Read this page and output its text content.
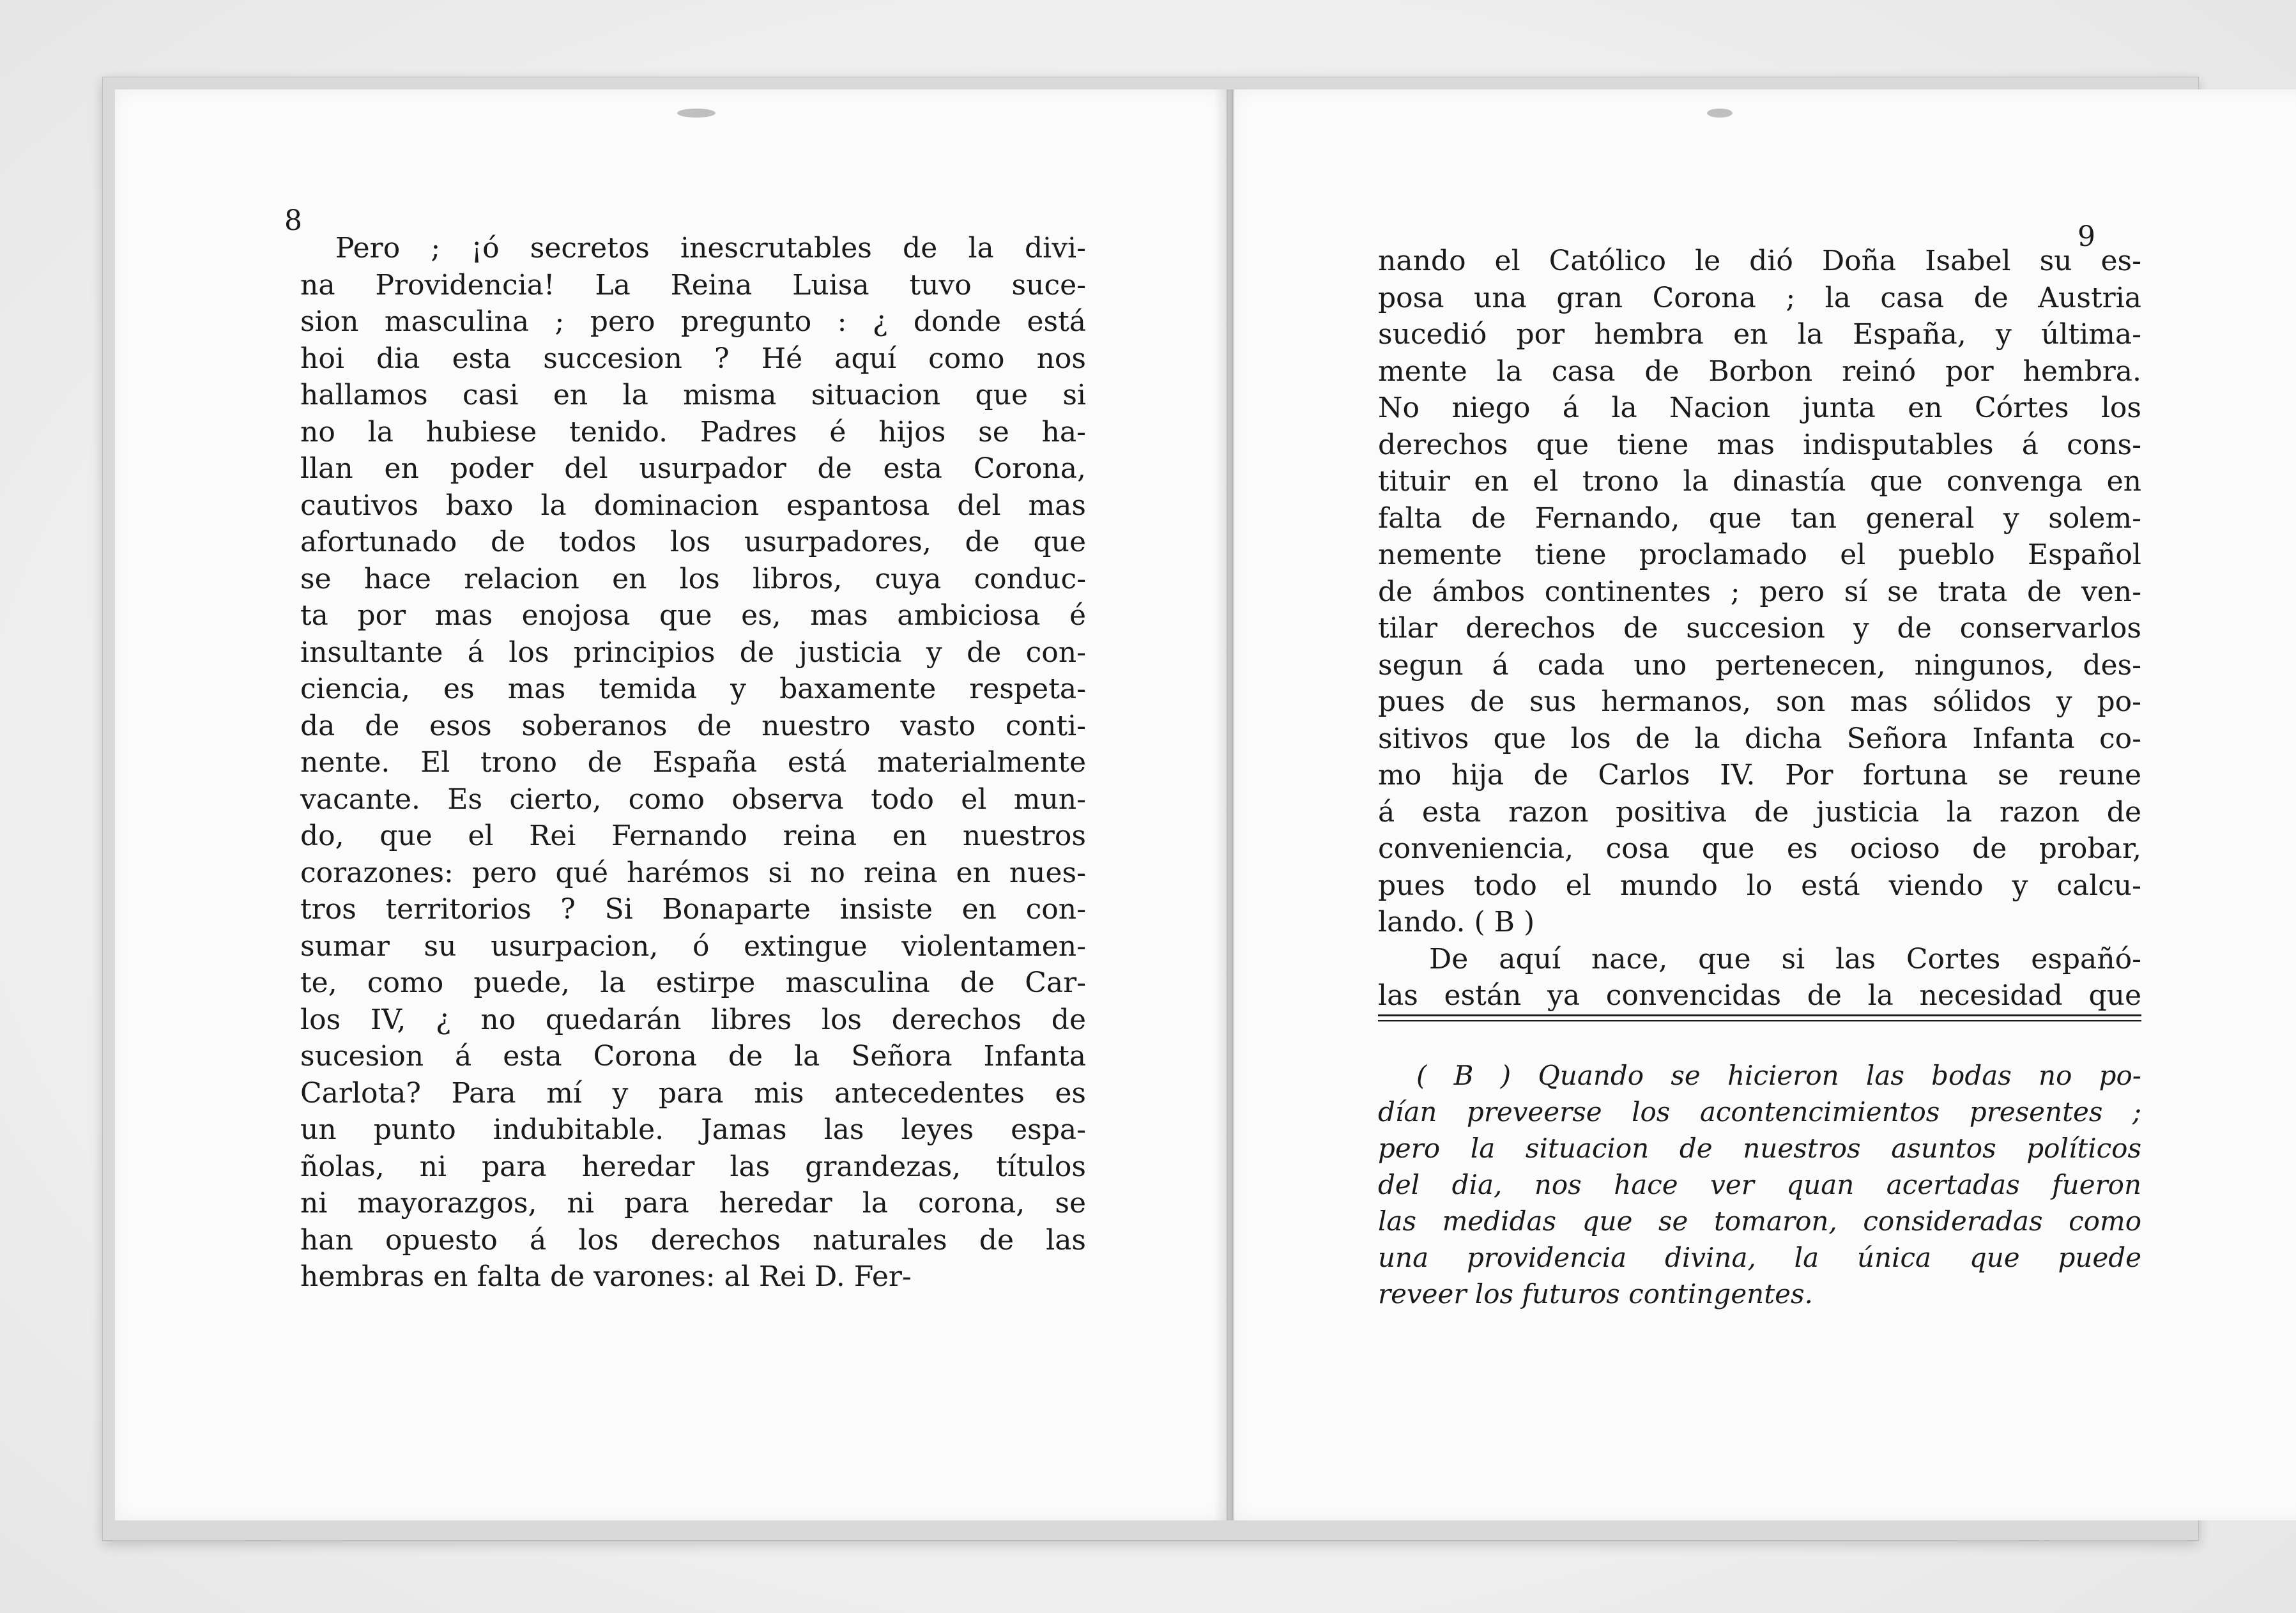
8
Pero ; ¡ó secretos inescrutables de la divi-
na Providencia! La Reina Luisa tuvo suce-
sion masculina ; pero pregunto : ¿ donde está
hoi dia esta succesion ? Hé aquí como nos
hallamos casi en la misma situacion que si
no la hubiese tenido. Padres é hijos se ha-
llan en poder del usurpador de esta Corona,
cautivos baxo la dominacion espantosa del mas
afortunado de todos los usurpadores, de que
se hace relacion en los libros, cuya conduc-
ta por mas enojosa que es, mas ambiciosa é
insultante á los principios de justicia y de con-
ciencia, es mas temida y baxamente respeta-
da de esos soberanos de nuestro vasto conti-
nente. El trono de España está materialmente
vacante. Es cierto, como observa todo el mun-
do, que el Rei Fernando reina en nuestros
corazones: pero qué harémos si no reina en nues-
tros territorios ? Si Bonaparte insiste en con-
sumar su usurpacion, ó extingue violentamen-
te, como puede, la estirpe masculina de Car-
los IV, ¿ no quedarán libres los derechos de
sucesion á esta Corona de la Señora Infanta
Carlota? Para mí y para mis antecedentes es
un punto indubitable. Jamas las leyes espa-
ñolas, ni para heredar las grandezas, títulos
ni mayorazgos, ni para heredar la corona, se
han opuesto á los derechos naturales de las
hembras en falta de varones: al Rei D. Fer-
9
nando el Católico le dió Doña Isabel su es-
posa una gran Corona ; la casa de Austria
sucedió por hembra en la España, y última-
mente la casa de Borbon reinó por hembra.
No niego á la Nacion junta en Córtes los
derechos que tiene mas indisputables á cons-
tituir en el trono la dinastía que convenga en
falta de Fernando, que tan general y solem-
nemente tiene proclamado el pueblo Español
de ámbos continentes ; pero sí se trata de ven-
tilar derechos de succesion y de conservarlos
segun á cada uno pertenecen, ningunos, des-
pues de sus hermanos, son mas sólidos y po-
sitivos que los de la dicha Señora Infanta co-
mo hija de Carlos IV. Por fortuna se reune
á esta razon positiva de justicia la razon de
conveniencia, cosa que es ocioso de probar,
pues todo el mundo lo está viendo y calcu-
lando. ( B )
De aquí nace, que si las Cortes españó-
las están ya convencidas de la necesidad que
( B ) Quando se hicieron las bodas no po-
dían preveerse los acontencimientos presentes ;
pero la situacion de nuestros asuntos políticos
del dia, nos hace ver quan acertadas fueron
las medidas que se tomaron, consideradas como
una providencia divina, la única que puede
reveer los futuros contingentes.
